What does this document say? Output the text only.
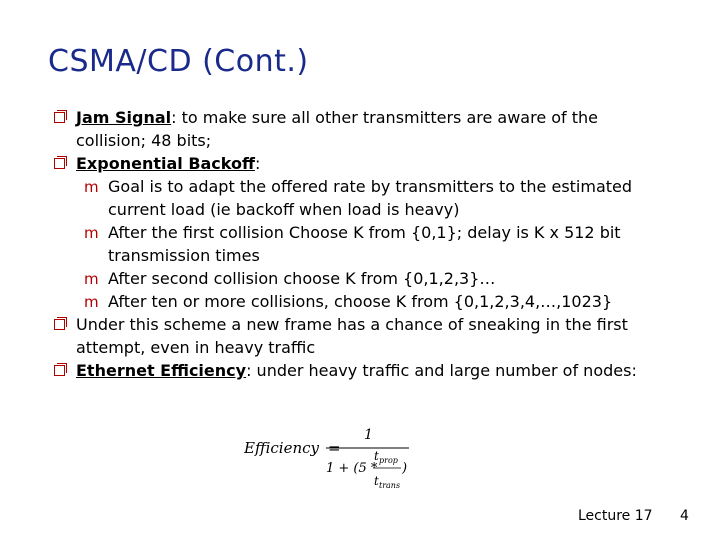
CSMA/CD (Cont.)
Jam Signal: to make sure all other transmitters are aware of the collision; 48 bits;
Exponential Backoff:
m Goal is to adapt the offered rate by transmitters to the estimated current load (ie backoff when load is heavy)
m After the first collision Choose K from {0,1}; delay is K x 512 bit transmission times
m After second collision choose K from {0,1,2,3}…
m After ten or more collisions, choose K from {0,1,2,3,4,…,1023}
Under this scheme a new frame has a chance of sneaking in the first attempt, even in heavy traffic
Ethernet Efficiency: under heavy traffic and large number of nodes:
Efficiency =
1
1 + (5 *
t prop
t trans
)
Lecture 17 4
